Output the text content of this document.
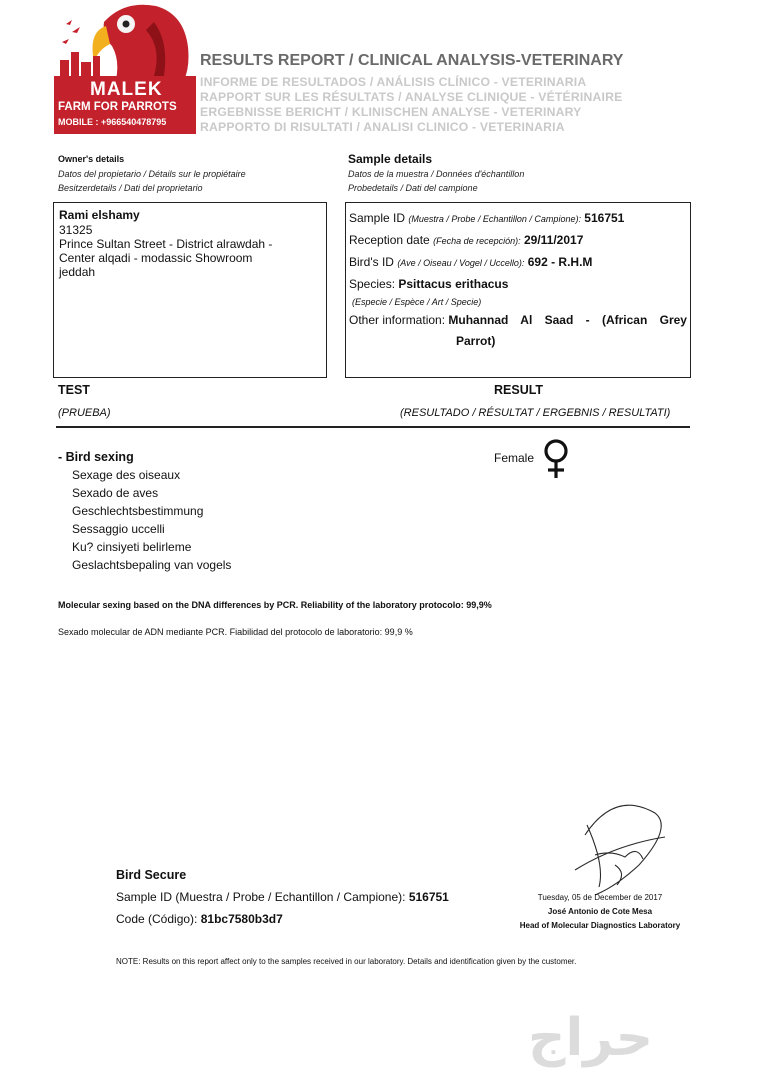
MALEK
FARM FOR PARROTS
MOBILE : +966540478795
RESULTS REPORT / CLINICAL ANALYSIS-VETERINARY
INFORME DE RESULTADOS / ANÁLISIS CLÍNICO - VETERINARIA
RAPPORT SUR LES RÉSULTATS / ANALYSE CLINIQUE - VÉTÉRINAIRE
ERGEBNISSE BERICHT / KLINISCHEN ANALYSE - VETERINARY
RAPPORTO DI RISULTATI / ANALISI CLINICO - VETERINARIA
Owner's details
Datos del propietario / Détails sur le propiétaire
Besitzerdetails / Dati del proprietario
Sample details
Datos de la muestra / Données d'échantillon
Probedetails / Dati del campione
Rami elshamy
31325
Prince Sultan Street - District alrawdah -
Center alqadi - modassic Showroom
jeddah
Sample ID (Muestra / Probe / Echantillon / Campione): 516751
Reception date (Fecha de recepción): 29/11/2017
Bird's ID (Ave / Oiseau / Vogel / Uccello): 692 - R.H.M
Species: Psittacus erithacus
(Especie / Espèce / Art / Specie)
Other information: Muhannad Al Saad - (African Grey
Parrot)
TEST	RESULT
(PRUEBA)	(RESULTADO / RÉSULTAT / ERGEBNIS / RESULTATI)
- Bird sexing
Sexage des oiseaux
Sexado de aves
Geschlechtsbestimmung
Sessaggio uccelli
Ku? cinsiyeti belirleme
Geslachtsbepaling van vogels
Female
Molecular sexing based on the DNA differences by PCR. Reliability of the laboratory protocolo: 99,9%
Sexado molecular de ADN mediante PCR. Fiabilidad del protocolo de laboratorio: 99,9 %
Bird Secure
Sample ID (Muestra / Probe / Echantillon / Campione): 516751
Code (Código): 81bc7580b3d7
Tuesday, 05 de December de 2017
José Antonio de Cote Mesa
Head of Molecular Diagnostics Laboratory
NOTE: Results on this report affect only to the samples received in our laboratory. Details and identification given by the customer.
حراج
